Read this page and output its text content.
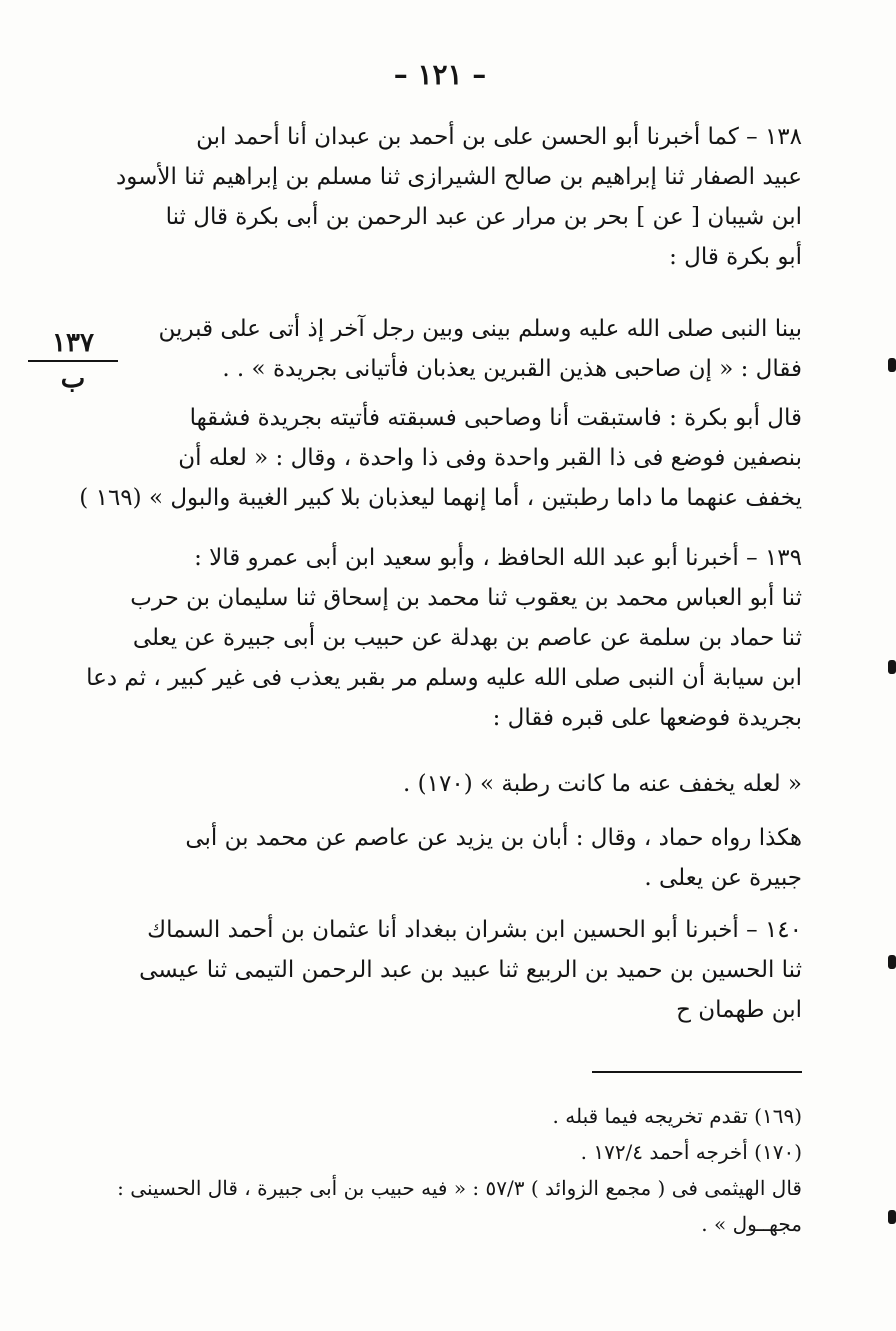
– ١٢١ –
١٣٨ – كما أخبرنا أبو الحسن على بن أحمد بن عبدان أنا أحمد ابن
عبيد الصفار ثنا إبراهيم بن صالح الشيرازى ثنا مسلم بن إبراهيم ثنا الأسود
ابن شيبان [ عن ] بحر بن مرار عن عبد الرحمن بن أبى بكرة قال ثنا
أبو بكرة قال :
بينا النبى صلى الله عليه وسلم بينى وبين رجل آخر إذ أتى على قبرين
فقال : « إن صاحبى هذين القبرين يعذبان فأتيانى بجريدة » . .
١٣٧
ب
قال أبو بكرة : فاستبقت أنا وصاحبى فسبقته فأتيته بجريدة فشقها
بنصفين فوضع فى ذا القبر واحدة وفى ذا واحدة ، وقال : « لعله أن
يخفف عنهما ما داما رطبتين ، أما إنهما ليعذبان بلا كبير الغيبة والبول » (١٦٩ )
١٣٩ – أخبرنا أبو عبد الله الحافظ ، وأبو سعيد ابن أبى عمرو قالا :
ثنا أبو العباس محمد بن يعقوب ثنا محمد بن إسحاق ثنا سليمان بن حرب
ثنا حماد بن سلمة عن عاصم بن بهدلة عن حبيب بن أبى جبيرة عن يعلى
ابن سيابة أن النبى صلى الله عليه وسلم مر بقبر يعذب فى غير كبير ، ثم دعا
بجريدة فوضعها على قبره فقال :
« لعله يخفف عنه ما كانت رطبة » (١٧٠) .
هكذا رواه حماد ، وقال : أبان بن يزيد عن عاصم عن محمد بن أبى
جبيرة عن يعلى .
١٤٠ – أخبرنا أبو الحسين ابن بشران ببغداد أنا عثمان بن أحمد السماك
ثنا الحسين بن حميد بن الربيع ثنا عبيد بن عبد الرحمن التيمى ثنا عيسى
ابن طهمان ح
(١٦٩) تقدم تخريجه فيما قبله .
(١٧٠) أخرجه أحمد ١٧٢/٤ .
قال الهيثمى فى ( مجمع الزوائد ) ٥٧/٣ : « فيه حبيب بن أبى جبيرة ، قال الحسينى :
مجهــول » .
